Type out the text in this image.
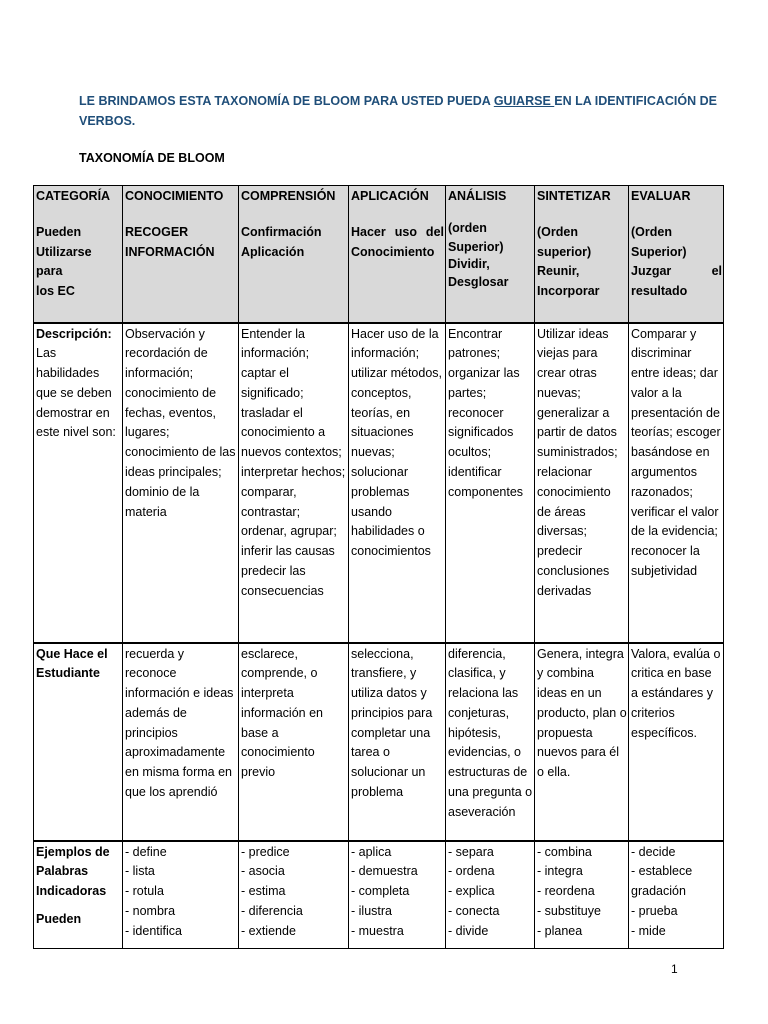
LE BRINDAMOS ESTA TAXONOMÍA DE BLOOM PARA USTED PUEDA GUIARSE EN LA IDENTIFICACIÓN DE VERBOS.
TAXONOMÍA DE BLOOM
CATEGORÍA
Pueden
Utilizarse para
los EC	CONOCIMIENTO
RECOGER
INFORMACIÓN	COMPRENSIÓN
Confirmación
Aplicación	APLICACIÓN
Hacer uso del
Conocimiento	ANÁLISIS
(orden
Superior)
Dividir,
Desglosar	SINTETIZAR
(Orden
superior)
Reunir,
Incorporar	EVALUAR
(Orden
Superior)
Juzgar el
resultado

Descripción:
Las habilidades que se deben demostrar en este nivel son:	Observación y recordación de información; conocimiento de fechas, eventos, lugares; conocimiento de las ideas principales; dominio de la materia	Entender la información; captar el significado; trasladar el conocimiento a nuevos contextos; interpretar hechos; comparar, contrastar; ordenar, agrupar; inferir las causas predecir las consecuencias	Hacer uso de la información; utilizar métodos, conceptos, teorías, en situaciones nuevas; solucionar problemas usando habilidades o conocimientos	Encontrar patrones; organizar las partes; reconocer significados ocultos; identificar componentes	Utilizar ideas viejas para crear otras nuevas; generalizar a partir de datos suministrados; relacionar conocimiento de áreas diversas; predecir conclusiones derivadas	Comparar y discriminar entre ideas; dar valor a la presentación de teorías; escoger basándose en argumentos razonados; verificar el valor de la evidencia; reconocer la subjetividad
Que Hace el Estudiante	recuerda y reconoce información e ideas además de principios aproximadamente en misma forma en que los aprendió	esclarece, comprende, o interpreta información en base a conocimiento previo	selecciona, transfiere, y utiliza datos y principios para completar una tarea o solucionar un problema	diferencia, clasifica, y relaciona las conjeturas, hipótesis, evidencias, o estructuras de una pregunta o aseveración	Genera, integra y combina ideas en un producto, plan o propuesta nuevos para él o ella.	Valora, evalúa o critica en base a estándares y criterios específicos.
Ejemplos de Palabras Indicadoras
Pueden	- define
- lista
- rotula
- nombra
- identifica	- predice
- asocia
- estima
- diferencia
- extiende	- aplica
- demuestra
- completa
- ilustra
- muestra	- separa
- ordena
- explica
- conecta
- divide	- combina
- integra
- reordena
- substituye
- planea	- decide
- establece gradación
- prueba
- mide
1
